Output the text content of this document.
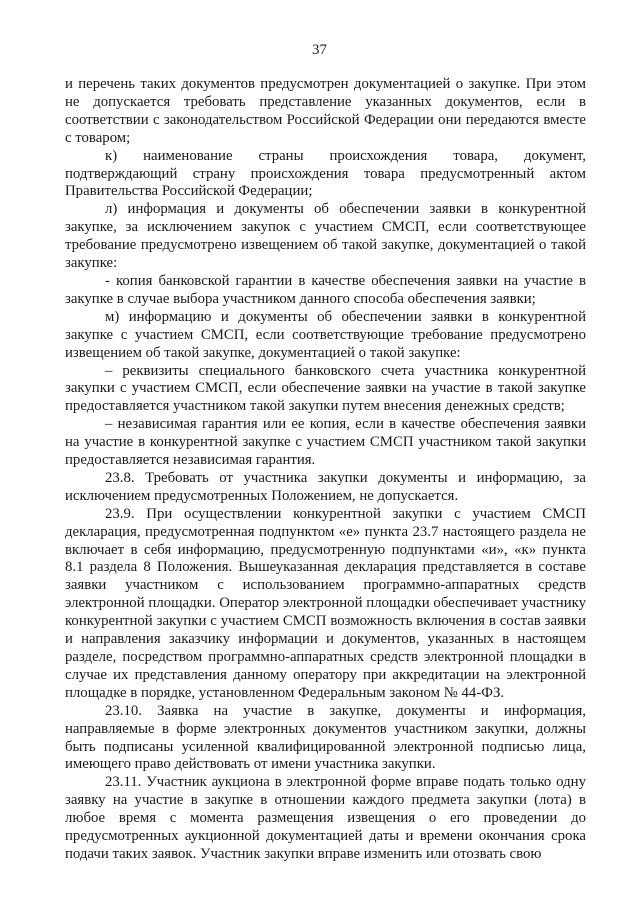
37

и перечень таких документов предусмотрен документацией о закупке. При этом не допускается требовать представление указанных документов, если в соответствии с законодательством Российской Федерации они передаются вместе с товаром;

к) наименование страны происхождения товара, документ, подтверждающий страну происхождения товара предусмотренный актом Правительства Российской Федерации;

л) информация и документы об обеспечении заявки в конкурентной закупке, за исключением закупок с участием СМСП, если соответствующее требование предусмотрено извещением об такой закупке, документацией о такой закупке:

- копия банковской гарантии в качестве обеспечения заявки на участие в закупке в случае выбора участником данного способа обеспечения заявки;

м) информацию и документы об обеспечении заявки в конкурентной закупке с участием СМСП, если соответствующие требование предусмотрено извещением об такой закупке, документацией о такой закупке:

– реквизиты специального банковского счета участника конкурентной закупки с участием СМСП, если обеспечение заявки на участие в такой закупке предоставляется участником такой закупки путем внесения денежных средств;

– независимая гарантия или ее копия, если в качестве обеспечения заявки на участие в конкурентной закупке с участием СМСП участником такой закупки предоставляется независимая гарантия.

23.8. Требовать от участника закупки документы и информацию, за исключением предусмотренных Положением, не допускается.

23.9. При осуществлении конкурентной закупки с участием СМСП декларация, предусмотренная подпунктом «е» пункта 23.7 настоящего раздела не включает в себя информацию, предусмотренную подпунктами «и», «к» пункта 8.1 раздела 8 Положения. Вышеуказанная декларация представляется в составе заявки участником с использованием программно-аппаратных средств электронной площадки. Оператор электронной площадки обеспечивает участнику конкурентной закупки с участием СМСП возможность включения в состав заявки и направления заказчику информации и документов, указанных в настоящем разделе, посредством программно-аппаратных средств электронной площадки в случае их представления данному оператору при аккредитации на электронной площадке в порядке, установленном Федеральным законом № 44-ФЗ.

23.10. Заявка на участие в закупке, документы и информация, направляемые в форме электронных документов участником закупки, должны быть подписаны усиленной квалифицированной электронной подписью лица, имеющего право действовать от имени участника закупки.

23.11. Участник аукциона в электронной форме вправе подать только одну заявку на участие в закупке в отношении каждого предмета закупки (лота) в любое время с момента размещения извещения о его проведении до предусмотренных аукционной документацией даты и времени окончания срока подачи таких заявок. Участник закупки вправе изменить или отозвать свою
